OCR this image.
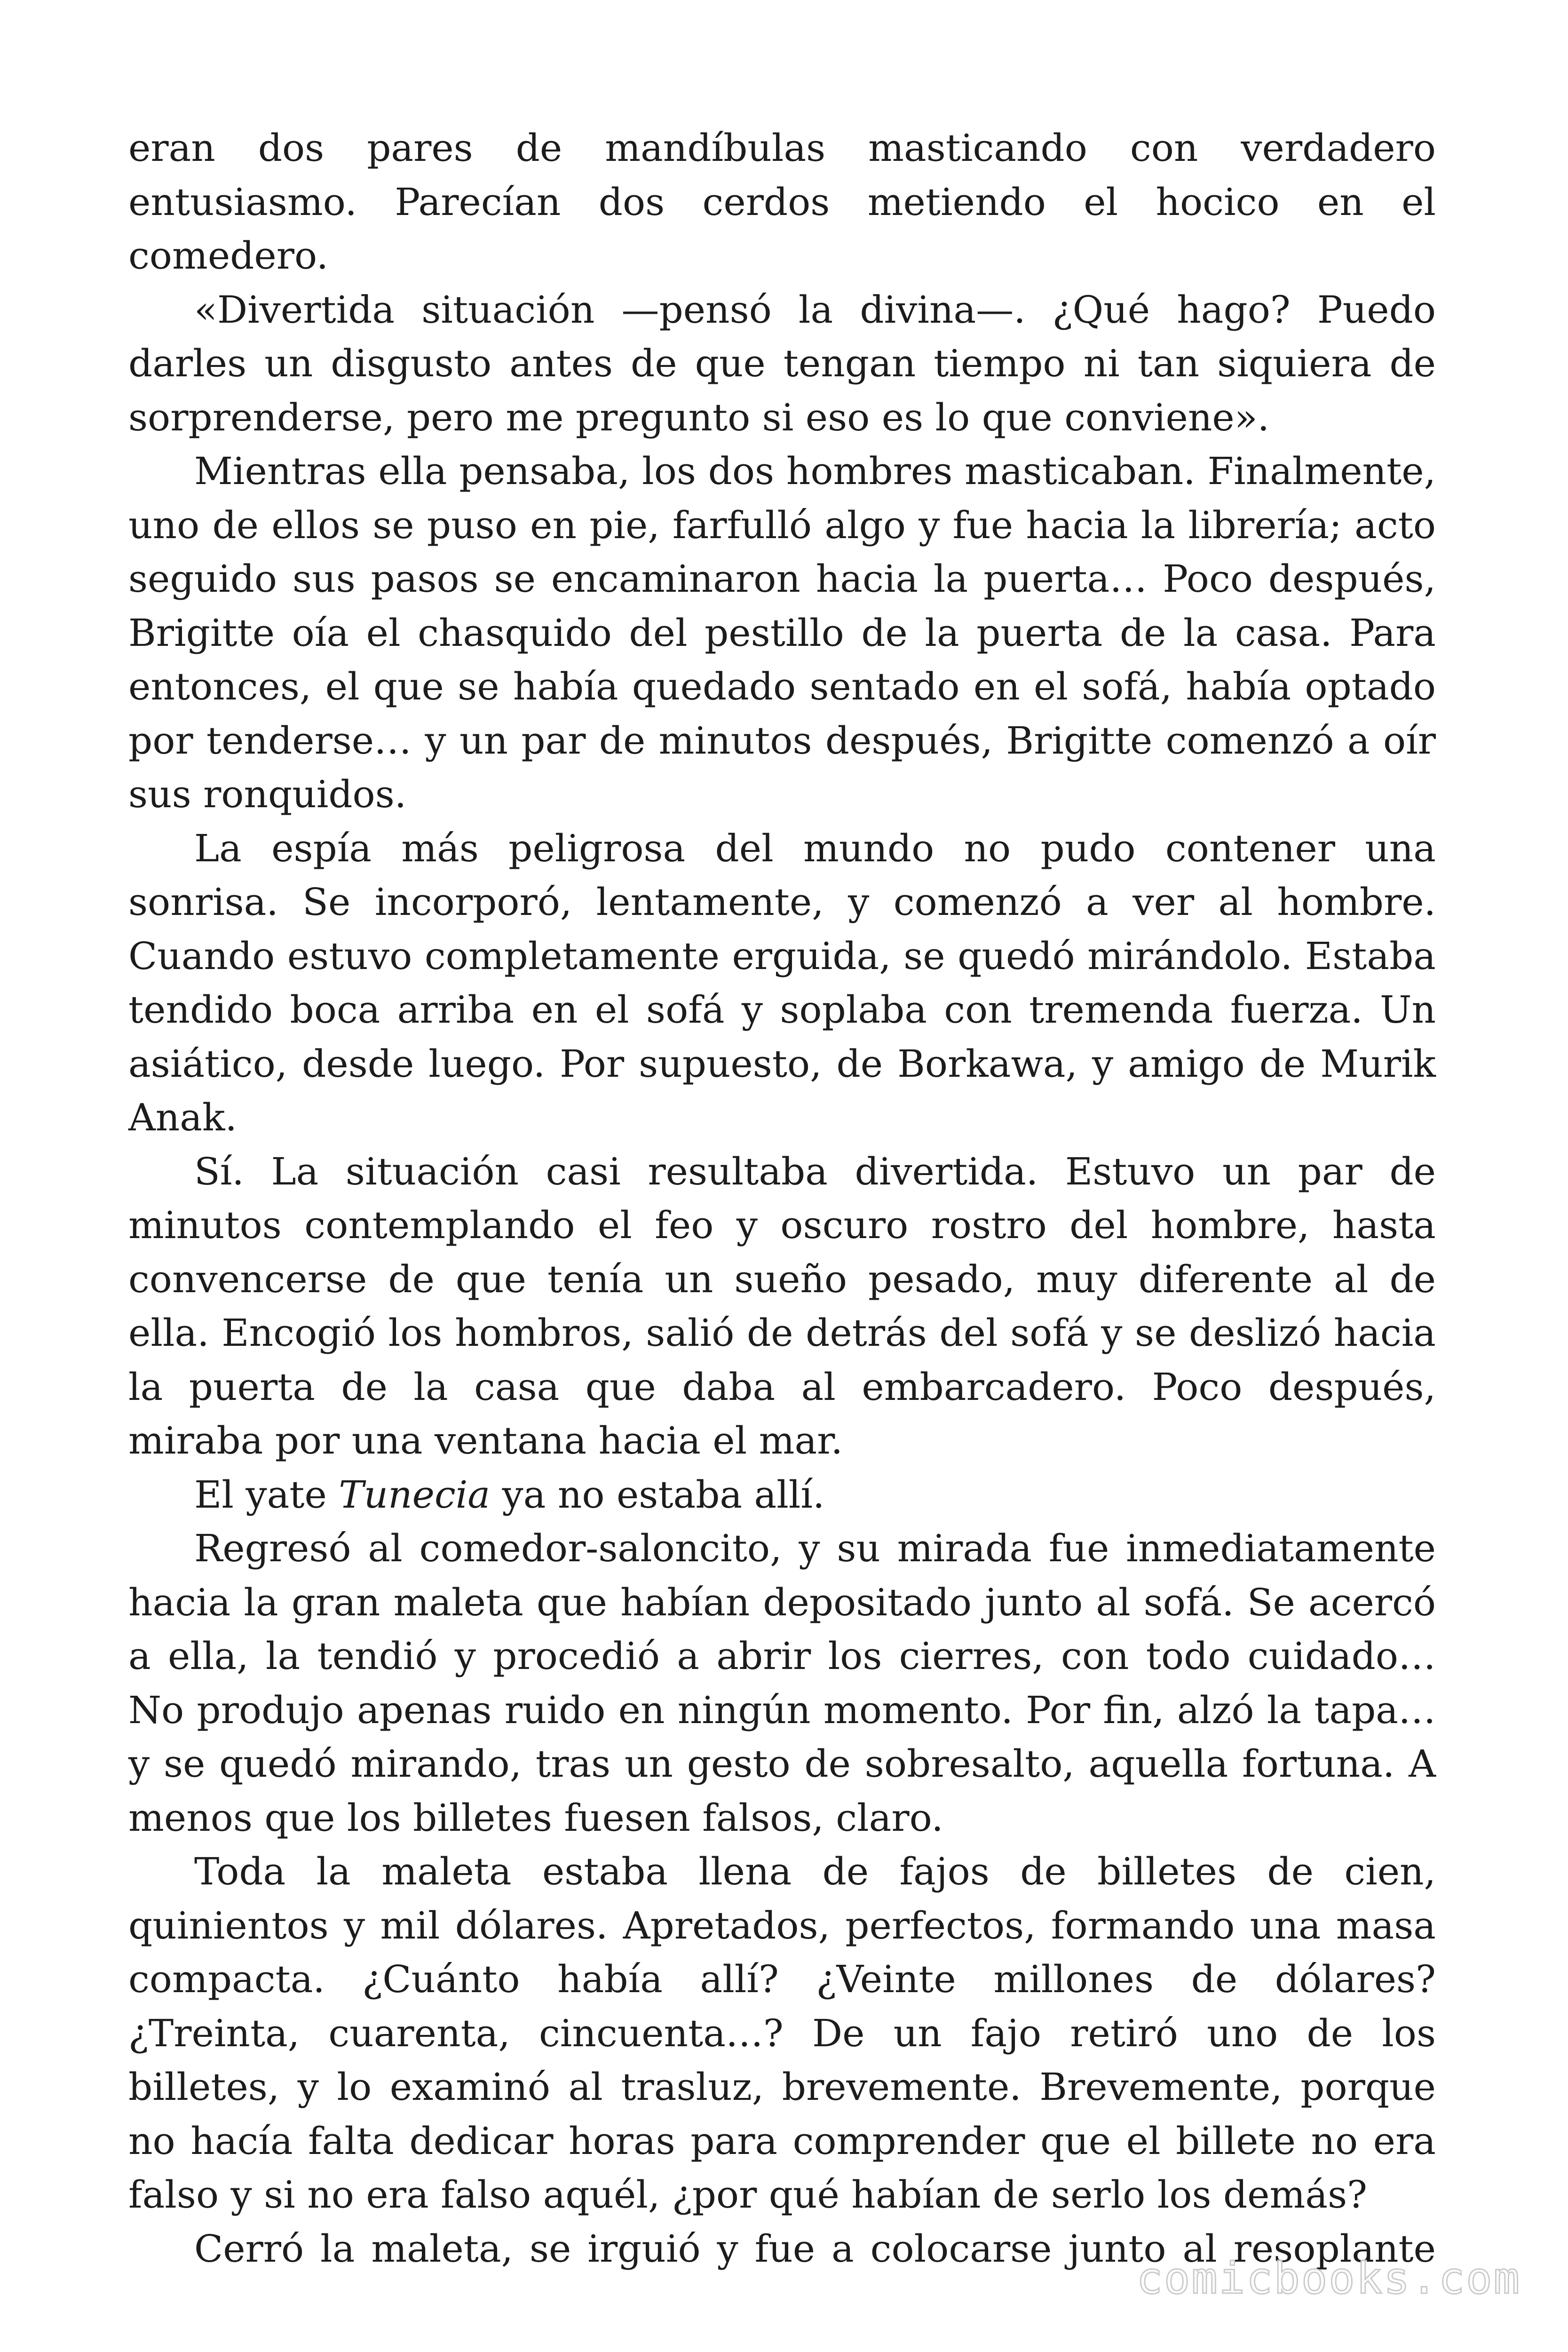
eran dos pares de mandíbulas masticando con verdadero entusiasmo. Parecían dos cerdos metiendo el hocico en el comedero.

«Divertida situación —pensó la divina—. ¿Qué hago? Puedo darles un disgusto antes de que tengan tiempo ni tan siquiera de sorprenderse, pero me pregunto si eso es lo que conviene».

Mientras ella pensaba, los dos hombres masticaban. Finalmente, uno de ellos se puso en pie, farfulló algo y fue hacia la librería; acto seguido sus pasos se encaminaron hacia la puerta… Poco después, Brigitte oía el chasquido del pestillo de la puerta de la casa. Para entonces, el que se había quedado sentado en el sofá, había optado por tenderse… y un par de minutos después, Brigitte comenzó a oír sus ronquidos.

La espía más peligrosa del mundo no pudo contener una sonrisa. Se incorporó, lentamente, y comenzó a ver al hombre. Cuando estuvo completamente erguida, se quedó mirándolo. Estaba tendido boca arriba en el sofá y soplaba con tremenda fuerza. Un asiático, desde luego. Por supuesto, de Borkawa, y amigo de Murik Anak.

Sí. La situación casi resultaba divertida. Estuvo un par de minutos contemplando el feo y oscuro rostro del hombre, hasta convencerse de que tenía un sueño pesado, muy diferente al de ella. Encogió los hombros, salió de detrás del sofá y se deslizó hacia la puerta de la casa que daba al embarcadero. Poco después, miraba por una ventana hacia el mar.

El yate Tunecia ya no estaba allí.

Regresó al comedor-saloncito, y su mirada fue inmediatamente hacia la gran maleta que habían depositado junto al sofá. Se acercó a ella, la tendió y procedió a abrir los cierres, con todo cuidado… No produjo apenas ruido en ningún momento. Por fin, alzó la tapa… y se quedó mirando, tras un gesto de sobresalto, aquella fortuna. A menos que los billetes fuesen falsos, claro.

Toda la maleta estaba llena de fajos de billetes de cien, quinientos y mil dólares. Apretados, perfectos, formando una masa compacta. ¿Cuánto había allí? ¿Veinte millones de dólares? ¿Treinta, cuarenta, cincuenta…? De un fajo retiró uno de los billetes, y lo examinó al trasluz, brevemente. Brevemente, porque no hacía falta dedicar horas para comprender que el billete no era falso y si no era falso aquél, ¿por qué habían de serlo los demás?

Cerró la maleta, se irguió y fue a colocarse junto al resoplante

comicbooks.com
